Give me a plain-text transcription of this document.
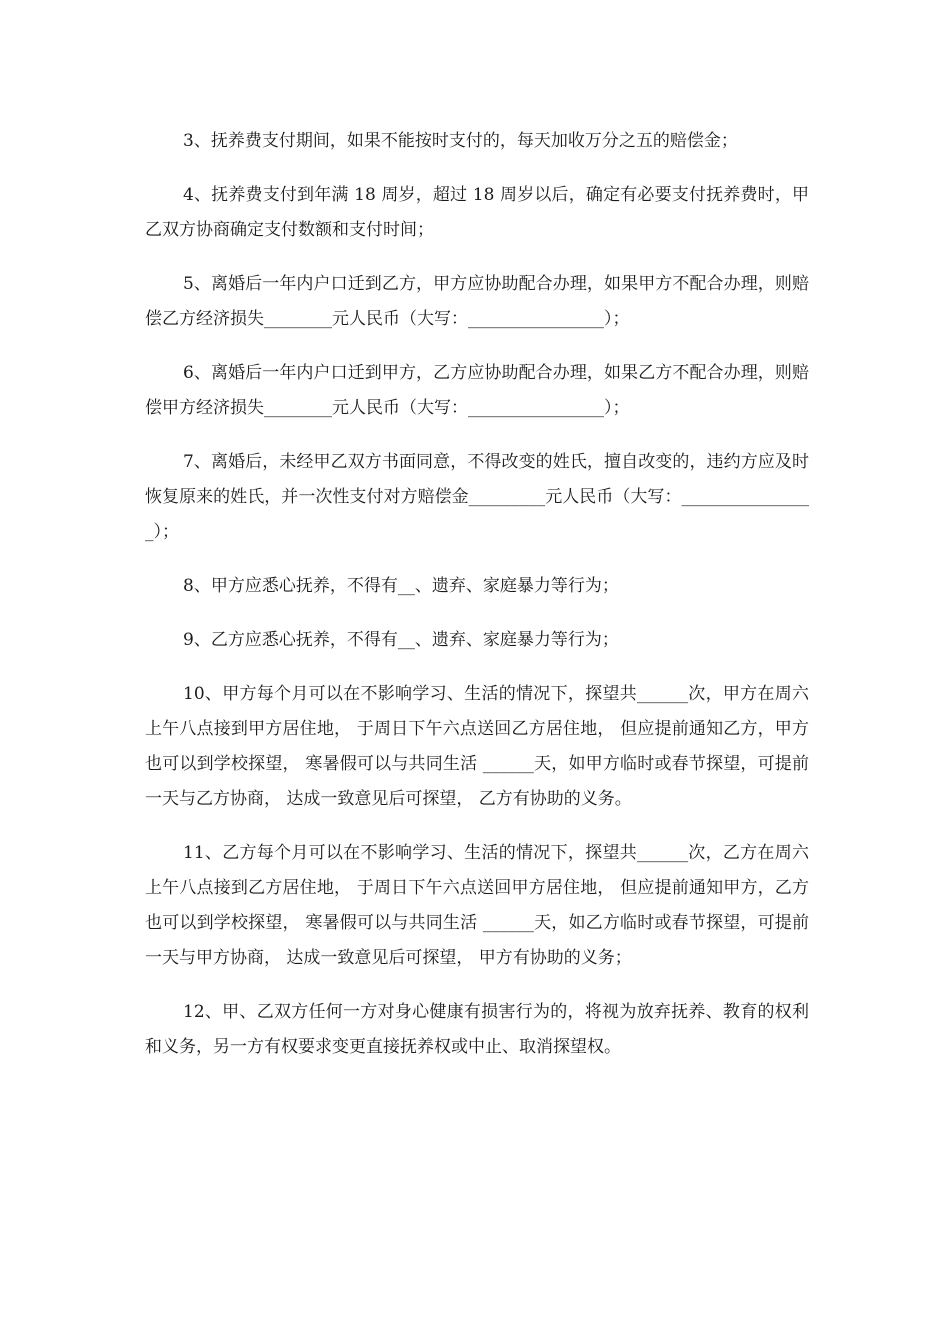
3、抚养费支付期间，如果不能按时支付的，每天加收万分之五的赔偿金；

4、抚养费支付到年满 18 周岁，超过 18 周岁以后，确定有必要支付抚养费时，甲乙双方协商确定支付数额和支付时间；

5、离婚后一年内户口迁到乙方，甲方应协助配合办理，如果甲方不配合办理，则赔偿乙方经济损失________元人民币（大写：________________）；

6、离婚后一年内户口迁到甲方，乙方应协助配合办理，如果乙方不配合办理，则赔偿甲方经济损失________元人民币（大写：________________）；

7、离婚后，未经甲乙双方书面同意，不得改变的姓氏，擅自改变的，违约方应及时恢复原来的姓氏，并一次性支付对方赔偿金_________元人民币（大写：________________）；

8、甲方应悉心抚养，不得有__、遗弃、家庭暴力等行为；

9、乙方应悉心抚养，不得有__、遗弃、家庭暴力等行为；

10、甲方每个月可以在不影响学习、生活的情况下，探望共______次，甲方在周六上午八点接到甲方居住地， 于周日下午六点送回乙方居住地， 但应提前通知乙方，甲方也可以到学校探望， 寒暑假可以与共同生活 ______天，如甲方临时或春节探望，可提前一天与乙方协商， 达成一致意见后可探望， 乙方有协助的义务。

11、乙方每个月可以在不影响学习、生活的情况下，探望共______次，乙方在周六上午八点接到乙方居住地， 于周日下午六点送回甲方居住地， 但应提前通知甲方，乙方也可以到学校探望， 寒暑假可以与共同生活 ______天，如乙方临时或春节探望，可提前一天与甲方协商， 达成一致意见后可探望， 甲方有协助的义务；

12、甲、乙双方任何一方对身心健康有损害行为的，将视为放弃抚养、教育的权利和义务，另一方有权要求变更直接抚养权或中止、取消探望权。
